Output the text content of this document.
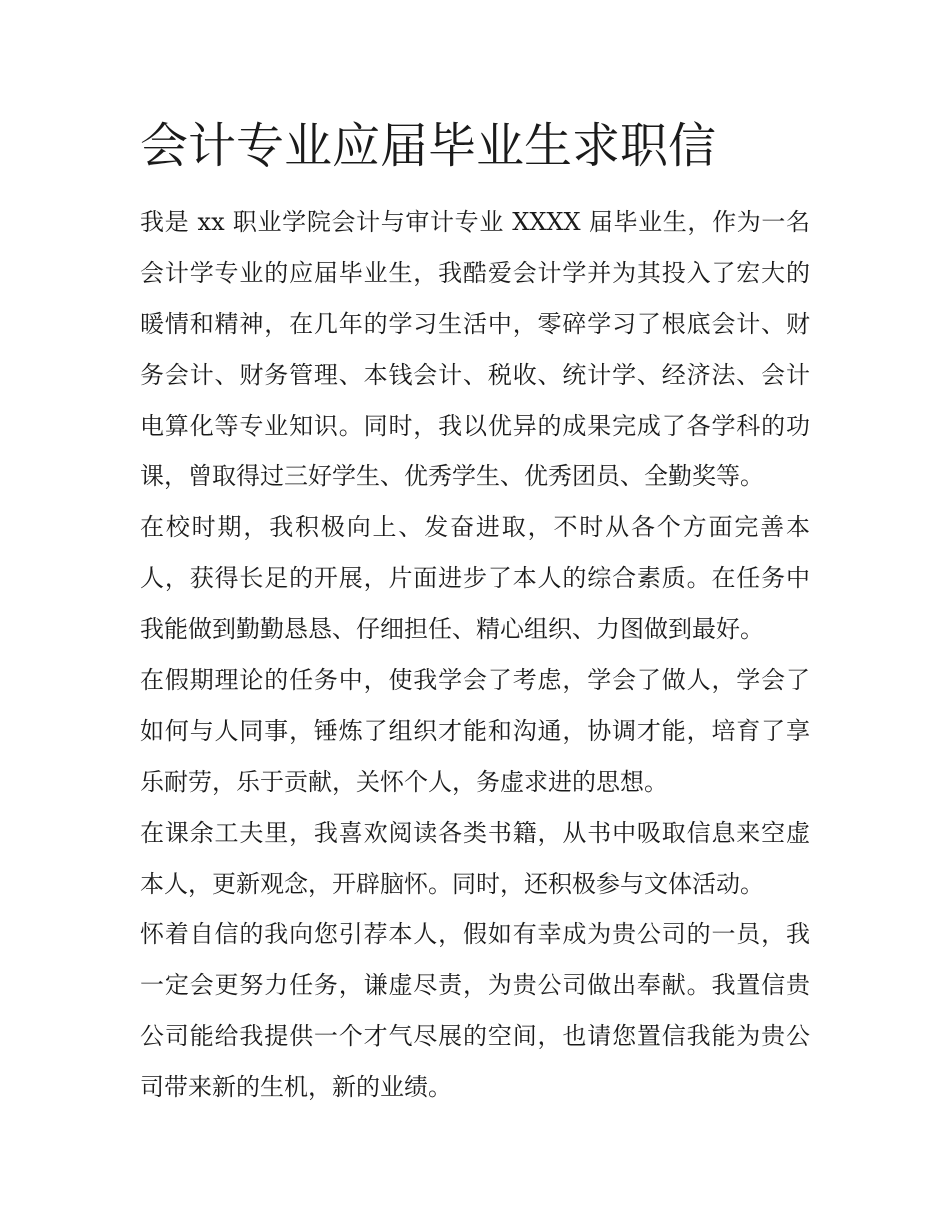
会计专业应届毕业生求职信
我是 xx 职业学院会计与审计专业 XXXX 届毕业生，作为一名
会计学专业的应届毕业生，我酷爱会计学并为其投入了宏大的
暖情和精神，在几年的学习生活中，零碎学习了根底会计、财
务会计、财务管理、本钱会计、税收、统计学、经济法、会计
电算化等专业知识。同时，我以优异的成果完成了各学科的功
课，曾取得过三好学生、优秀学生、优秀团员、全勤奖等。
在校时期，我积极向上、发奋进取，不时从各个方面完善本
人，获得长足的开展，片面进步了本人的综合素质。在任务中
我能做到勤勤恳恳、仔细担任、精心组织、力图做到最好。
在假期理论的任务中，使我学会了考虑，学会了做人，学会了
如何与人同事，锤炼了组织才能和沟通，协调才能，培育了享
乐耐劳，乐于贡献，关怀个人，务虚求进的思想。
在课余工夫里，我喜欢阅读各类书籍，从书中吸取信息来空虚
本人，更新观念，开辟脑怀。同时，还积极参与文体活动。
怀着自信的我向您引荐本人，假如有幸成为贵公司的一员，我
一定会更努力任务，谦虚尽责，为贵公司做出奉献。我置信贵
公司能给我提供一个才气尽展的空间，也请您置信我能为贵公
司带来新的生机，新的业绩。
